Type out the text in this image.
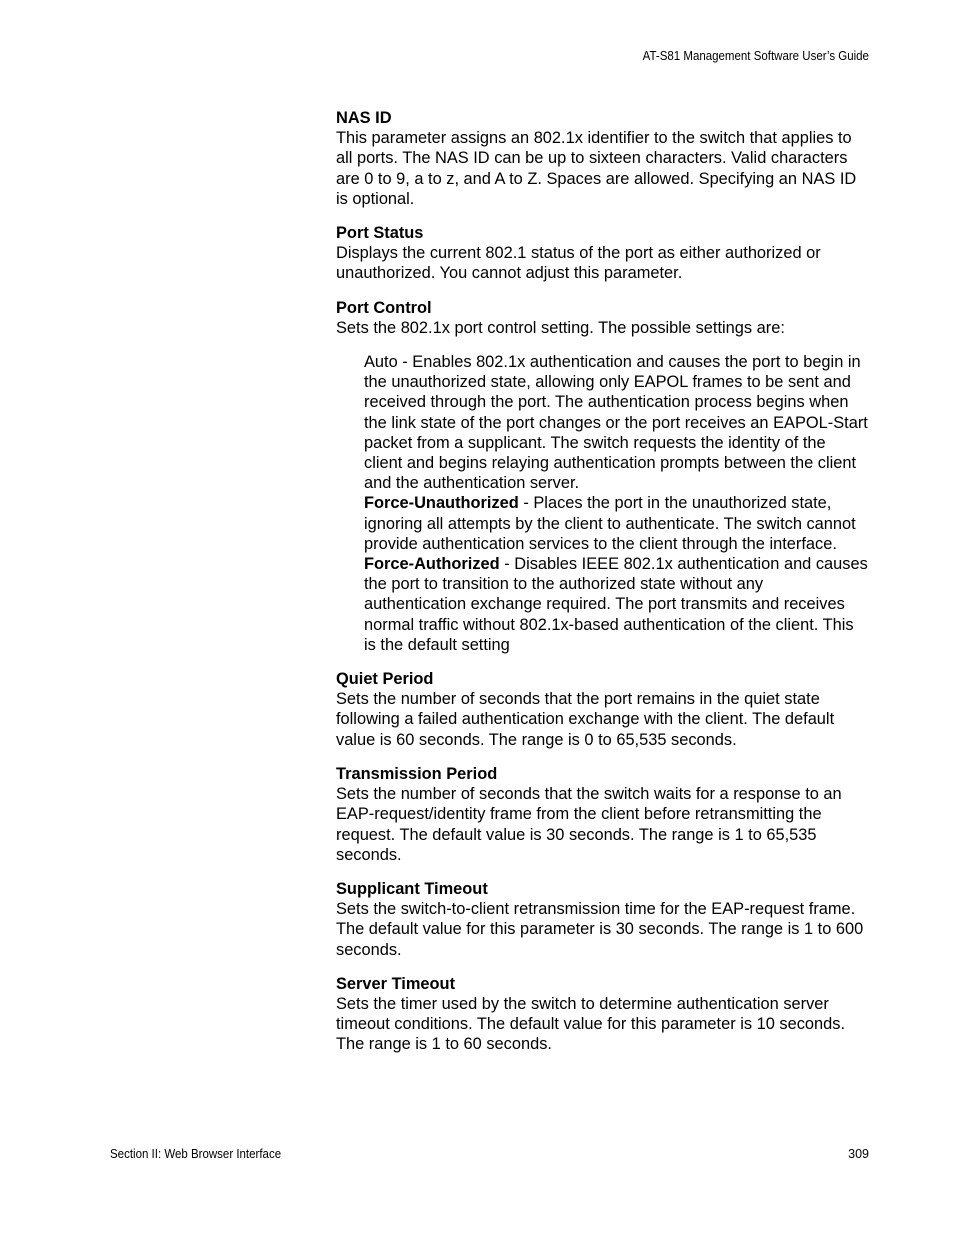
AT-S81 Management Software User’s Guide
NAS ID

This parameter assigns an 802.1x identifier to the switch that applies to all ports. The NAS ID can be up to sixteen characters. Valid characters are 0 to 9, a to z, and A to Z. Spaces are allowed. Specifying an NAS ID is optional.

Port Status

Displays the current 802.1 status of the port as either authorized or unauthorized. You cannot adjust this parameter.

Port Control

Sets the 802.1x port control setting. The possible settings are:

Auto - Enables 802.1x authentication and causes the port to begin in the unauthorized state, allowing only EAPOL frames to be sent and received through the port. The authentication process begins when the link state of the port changes or the port receives an EAPOL-Start packet from a supplicant. The switch requests the identity of the client and begins relaying authentication prompts between the client and the authentication server.

Force-Unauthorized - Places the port in the unauthorized state, ignoring all attempts by the client to authenticate. The switch cannot provide authentication services to the client through the interface.

Force-Authorized - Disables IEEE 802.1x authentication and causes the port to transition to the authorized state without any authentication exchange required. The port transmits and receives normal traffic without 802.1x-based authentication of the client. This is the default setting

Quiet Period

Sets the number of seconds that the port remains in the quiet state following a failed authentication exchange with the client. The default value is 60 seconds. The range is 0 to 65,535 seconds.

Transmission Period

Sets the number of seconds that the switch waits for a response to an EAP-request/identity frame from the client before retransmitting the request. The default value is 30 seconds. The range is 1 to 65,535 seconds.

Supplicant Timeout

Sets the switch-to-client retransmission time for the EAP-request frame. The default value for this parameter is 30 seconds. The range is 1 to 600 seconds.

Server Timeout

Sets the timer used by the switch to determine authentication server timeout conditions. The default value for this parameter is 10 seconds. The range is 1 to 60 seconds.

Section II: Web Browser Interface	309
